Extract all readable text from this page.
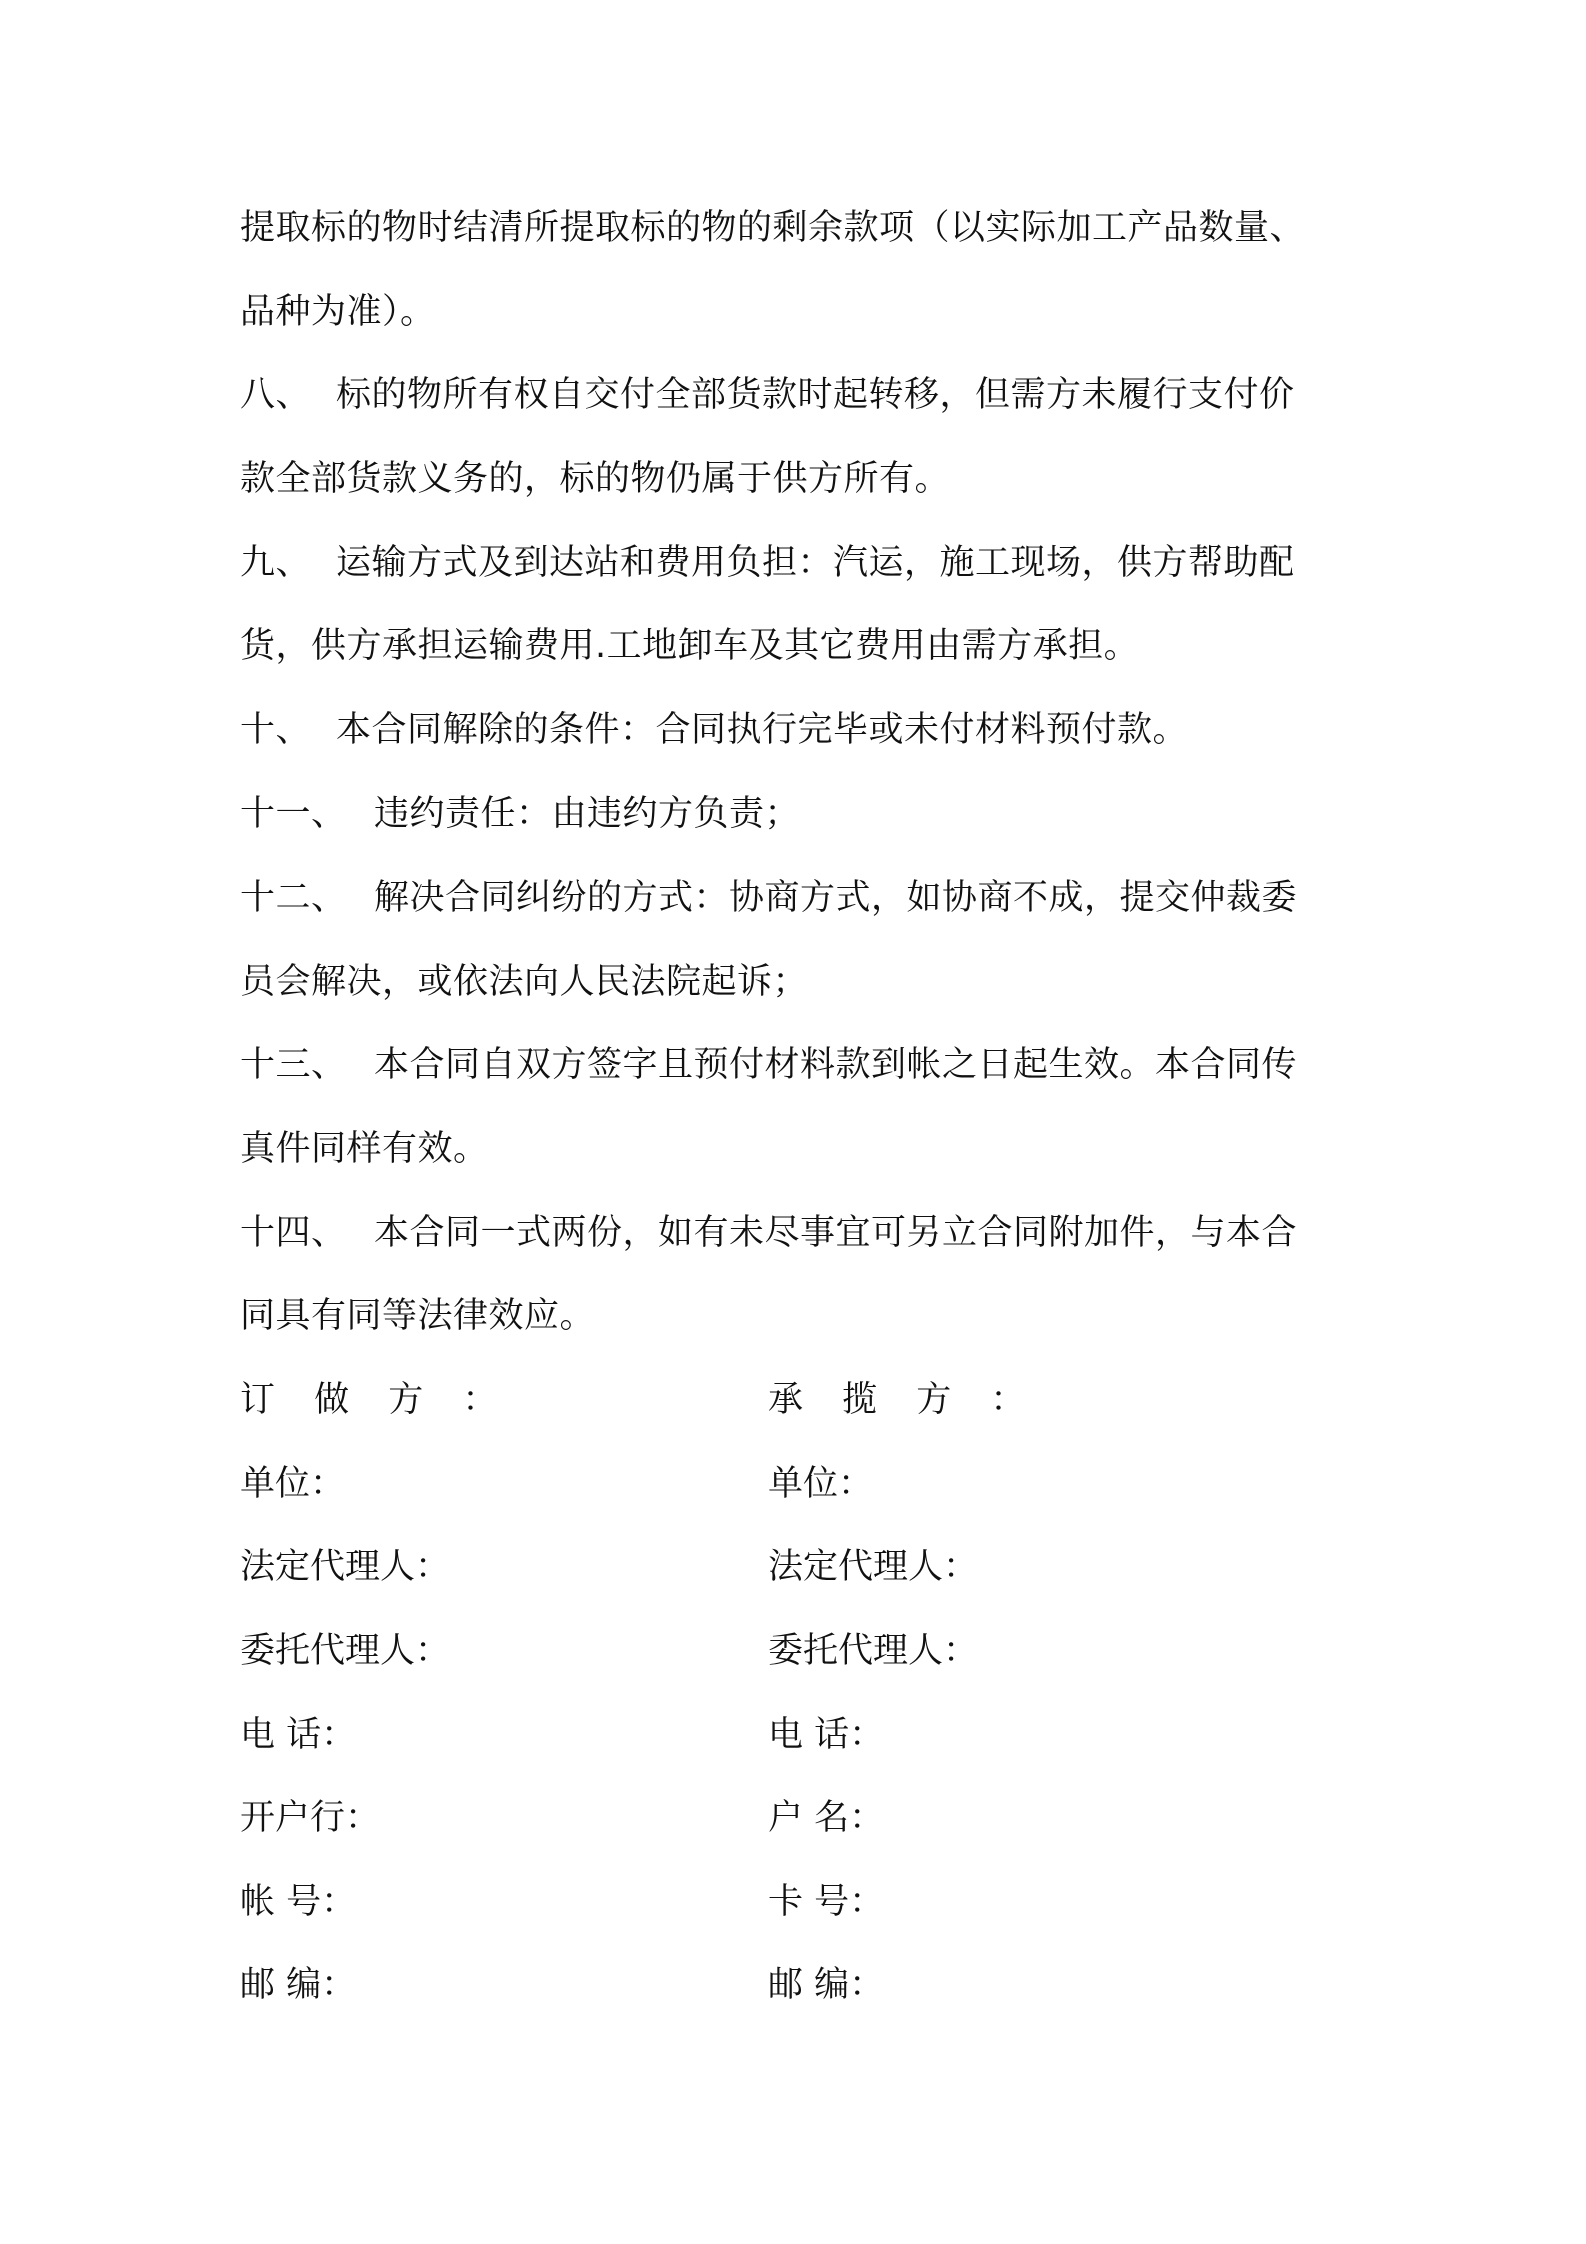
提取标的物时结清所提取标的物的剩余款项（以实际加工产品数量、
品种为准）。
八、 标的物所有权自交付全部货款时起转移，但需方未履行支付价
款全部货款义务的，标的物仍属于供方所有。
九、 运输方式及到达站和费用负担：汽运，施工现场，供方帮助配
货，供方承担运输费用.工地卸车及其它费用由需方承担。
十、 本合同解除的条件：合同执行完毕或未付材料预付款。
十一、 违约责任：由违约方负责；
十二、 解决合同纠纷的方式：协商方式，如协商不成，提交仲裁委
员会解决，或依法向人民法院起诉；
十三、 本合同自双方签字且预付材料款到帐之日起生效。本合同传
真件同样有效。
十四、 本合同一式两份，如有未尽事宜可另立合同附加件，与本合
同具有同等法律效应。
订 做 方 ：
单位：
法定代理人：
委托代理人：
电 话：
开户行：
帐 号：
邮 编：
承 揽 方 ：
单位：
法定代理人：
委托代理人：
电 话：
户 名：
卡 号：
邮 编：
